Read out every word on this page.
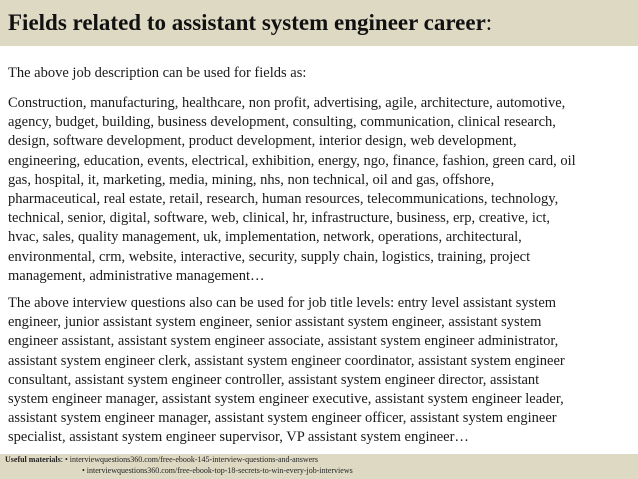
Fields related to assistant system engineer career:

The above job description can be used for fields as:

Construction, manufacturing, healthcare, non profit, advertising, agile, architecture, automotive,
agency, budget, building, business development, consulting, communication, clinical research,
design, software development, product development, interior design, web development,
engineering, education, events, electrical, exhibition, energy, ngo, finance, fashion, green card, oil
gas, hospital, it, marketing, media, mining, nhs, non technical, oil and gas, offshore,
pharmaceutical, real estate, retail, research, human resources, telecommunications, technology,
technical, senior, digital, software, web, clinical, hr, infrastructure, business, erp, creative, ict,
hvac, sales, quality management, uk, implementation, network, operations, architectural,
environmental, crm, website, interactive, security, supply chain, logistics, training, project
management, administrative management…

The above interview questions also can be used for job title levels: entry level assistant system
engineer, junior assistant system engineer, senior assistant system engineer, assistant system
engineer assistant, assistant system engineer associate, assistant system engineer administrator,
assistant system engineer clerk, assistant system engineer coordinator, assistant system engineer
consultant, assistant system engineer controller, assistant system engineer director, assistant
system engineer manager, assistant system engineer executive, assistant system engineer leader,
assistant system engineer manager, assistant system engineer officer, assistant system engineer
specialist, assistant system engineer supervisor, VP assistant system engineer…

Useful materials: • interviewquestions360.com/free-ebook-145-interview-questions-and-answers
• interviewquestions360.com/free-ebook-top-18-secrets-to-win-every-job-interviews
